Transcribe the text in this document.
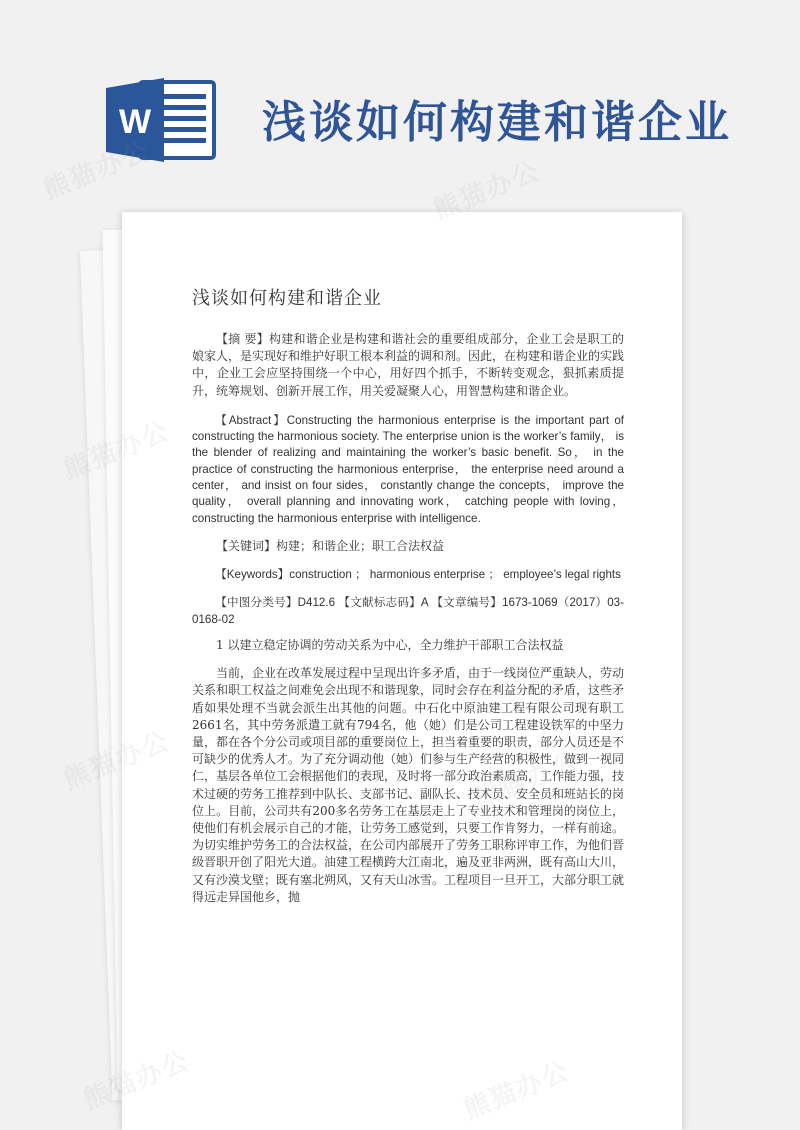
W	浅谈如何构建和谐企业
浅谈如何构建和谐企业

【摘 要】构建和谐企业是构建和谐社会的重要组成部分，企业工会是职工的娘家人，是实现好和维护好职工根本利益的调和剂。因此，在构建和谐企业的实践中，企业工会应坚持围绕一个中心，用好四个抓手，不断转变观念，狠抓素质提升，统筹规划、创新开展工作，用关爱凝聚人心，用智慧构建和谐企业。

【Abstract】Constructing the harmonious enterprise is the important part of constructing the harmonious society. The enterprise union is the worker’s family， is the blender of realizing and maintaining the worker’s basic benefit. So， in the practice of constructing the harmonious enterprise， the enterprise need around a center， and insist on four sides， constantly change the concepts， improve the quality， overall planning and innovating work， catching people with loving， constructing the harmonious enterprise with intelligence.

【关键词】构建；和谐企业；职工合法权益

【Keywords】construction ； harmonious enterprise ； employee’s legal rights

【中图分类号】D412.6 【文献标志码】A 【文章编号】1673-1069（2017）03-0168-02

1 以建立稳定协调的劳动关系为中心，全力维护干部职工合法权益

当前，企业在改革发展过程中呈现出许多矛盾，由于一线岗位严重缺人，劳动关系和职工权益之间难免会出现不和谐现象，同时会存在利益分配的矛盾，这些矛盾如果处理不当就会派生出其他的问题。中石化中原油建工程有限公司现有职工2661名，其中劳务派遣工就有794名，他（她）们是公司工程建设铁军的中坚力量，都在各个分公司或项目部的重要岗位上，担当着重要的职责，部分人员还是不可缺少的优秀人才。为了充分调动他（她）们参与生产经营的积极性，做到一视同仁，基层各单位工会根据他们的表现，及时将一部分政治素质高，工作能力强，技术过硬的劳务工推荐到中队长、支部书记、副队长、技术员、安全员和班站长的岗位上。目前，公司共有200多名劳务工在基层走上了专业技术和管理岗的岗位上，使他们有机会展示自己的才能，让劳务工感觉到，只要工作肯努力，一样有前途。为切实维护劳务工的合法权益，在公司内部展开了劳务工职称评审工作，为他们晋级晋职开创了阳光大道。油建工程横跨大江南北，遍及亚非两洲，既有高山大川，又有沙漠戈壁；既有塞北朔风，又有天山冰雪。工程项目一旦开工，大部分职工就得远走异国他乡，抛

熊猫办公	熊猫办公
